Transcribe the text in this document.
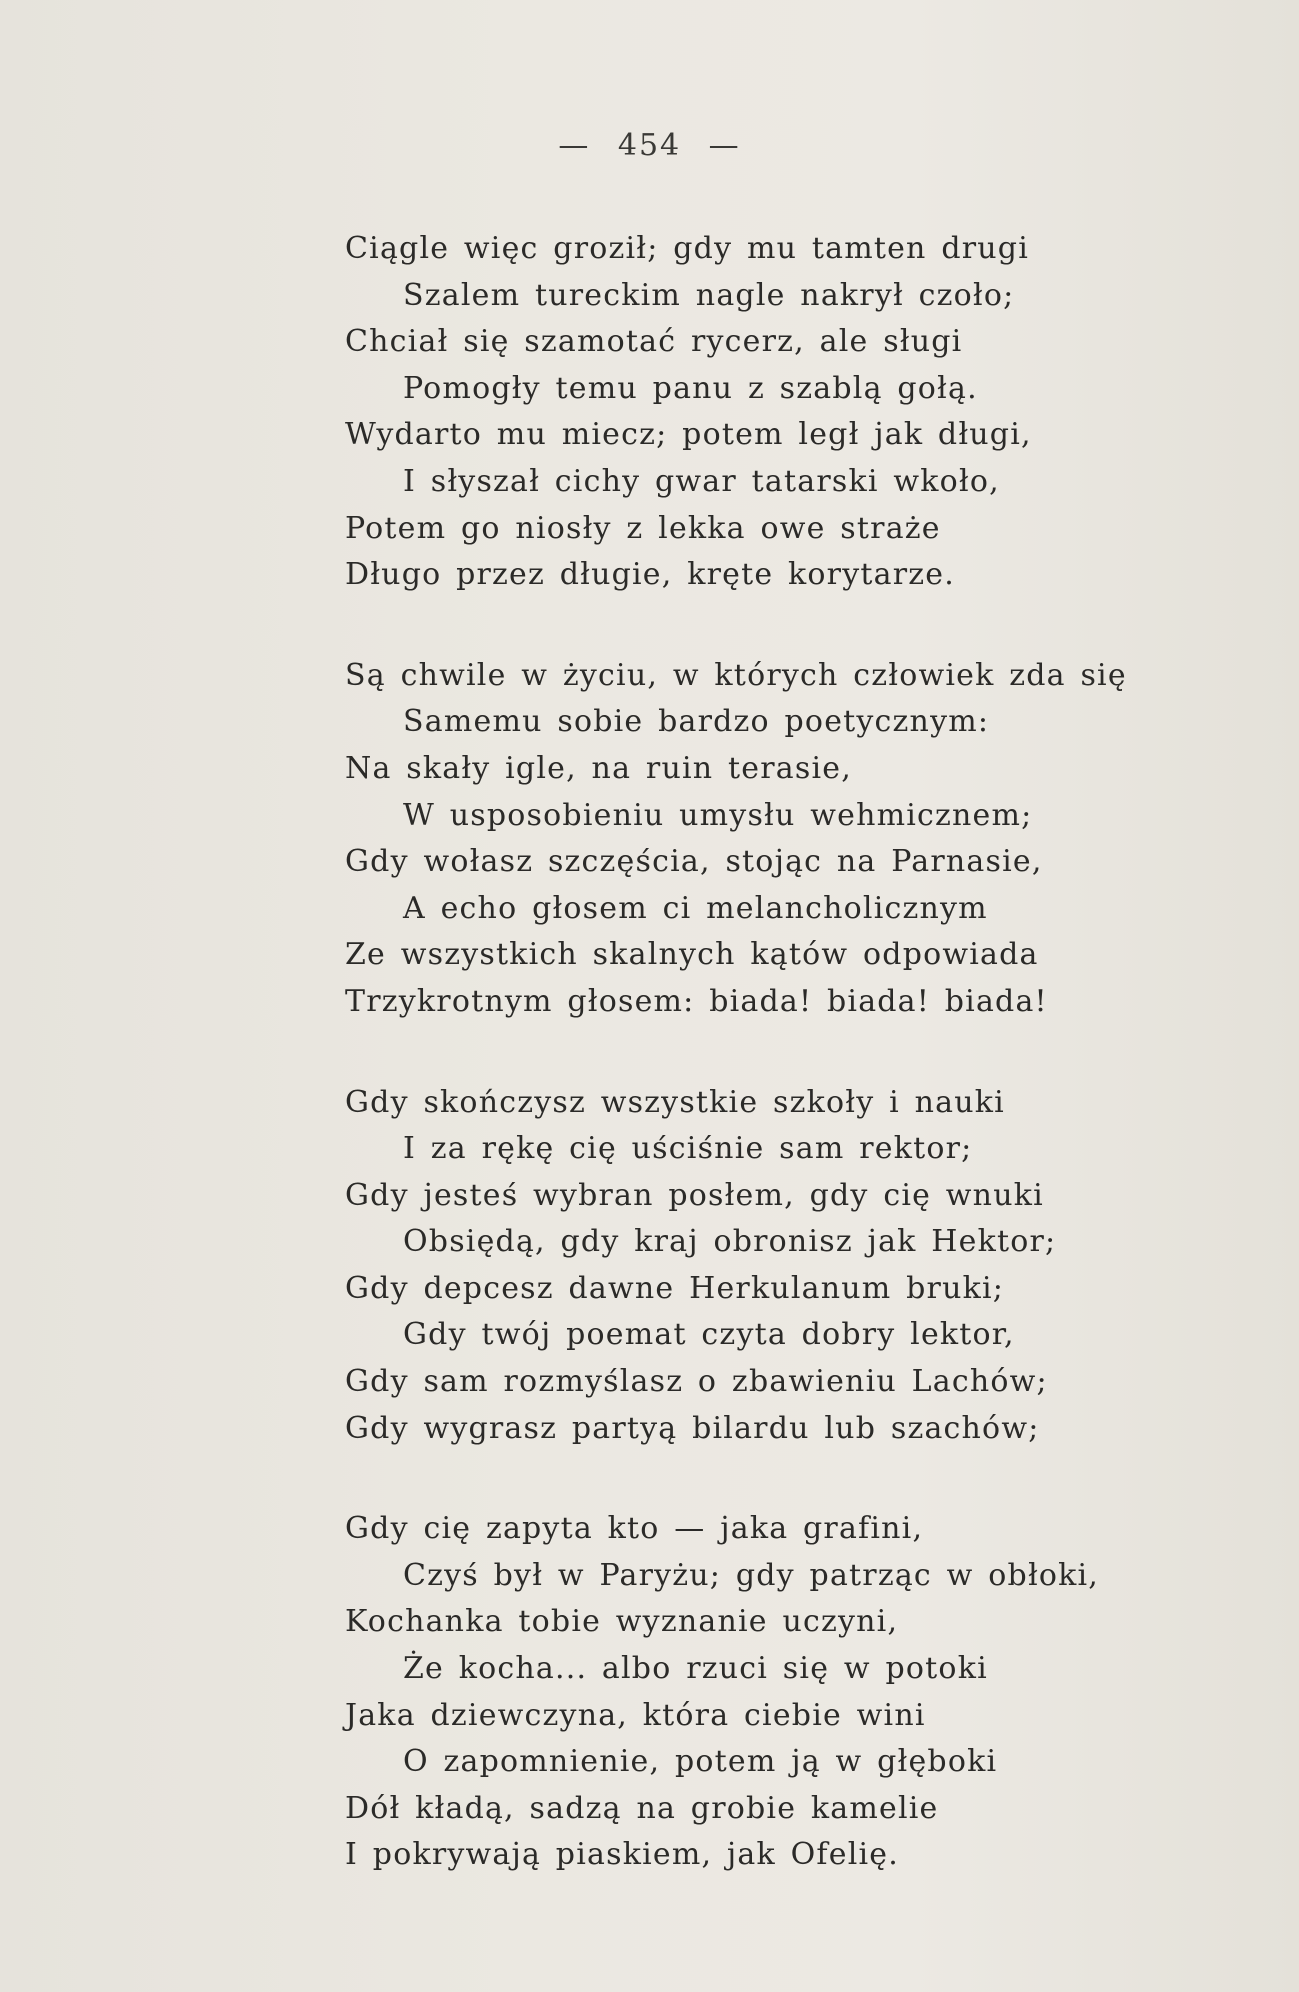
— 454 —
Ciągle więc groził; gdy mu tamten drugi
Szalem tureckim nagle nakrył czoło;
Chciał się szamotać rycerz, ale sługi
Pomogły temu panu z szablą gołą.
Wydarto mu miecz; potem legł jak długi,
I słyszał cichy gwar tatarski wkoło,
Potem go niosły z lekka owe straże
Długo przez długie, kręte korytarze.
Są chwile w życiu, w których człowiek zda się
Samemu sobie bardzo poetycznym:
Na skały igle, na ruin terasie,
W usposobieniu umysłu wehmicznem;
Gdy wołasz szczęścia, stojąc na Parnasie,
A echo głosem ci melancholicznym
Ze wszystkich skalnych kątów odpowiada
Trzykrotnym głosem: biada! biada! biada!
Gdy skończysz wszystkie szkoły i nauki
I za rękę cię uściśnie sam rektor;
Gdy jesteś wybran posłem, gdy cię wnuki
Obsiędą, gdy kraj obronisz jak Hektor;
Gdy depcesz dawne Herkulanum bruki;
Gdy twój poemat czyta dobry lektor,
Gdy sam rozmyślasz o zbawieniu Lachów;
Gdy wygrasz partyą bilardu lub szachów;
Gdy cię zapyta kto — jaka grafini,
Czyś był w Paryżu; gdy patrząc w obłoki,
Kochanka tobie wyznanie uczyni,
Że kocha... albo rzuci się w potoki
Jaka dziewczyna, która ciebie wini
O zapomnienie, potem ją w głęboki
Dół kładą, sadzą na grobie kamelie
I pokrywają piaskiem, jak Ofelię.
